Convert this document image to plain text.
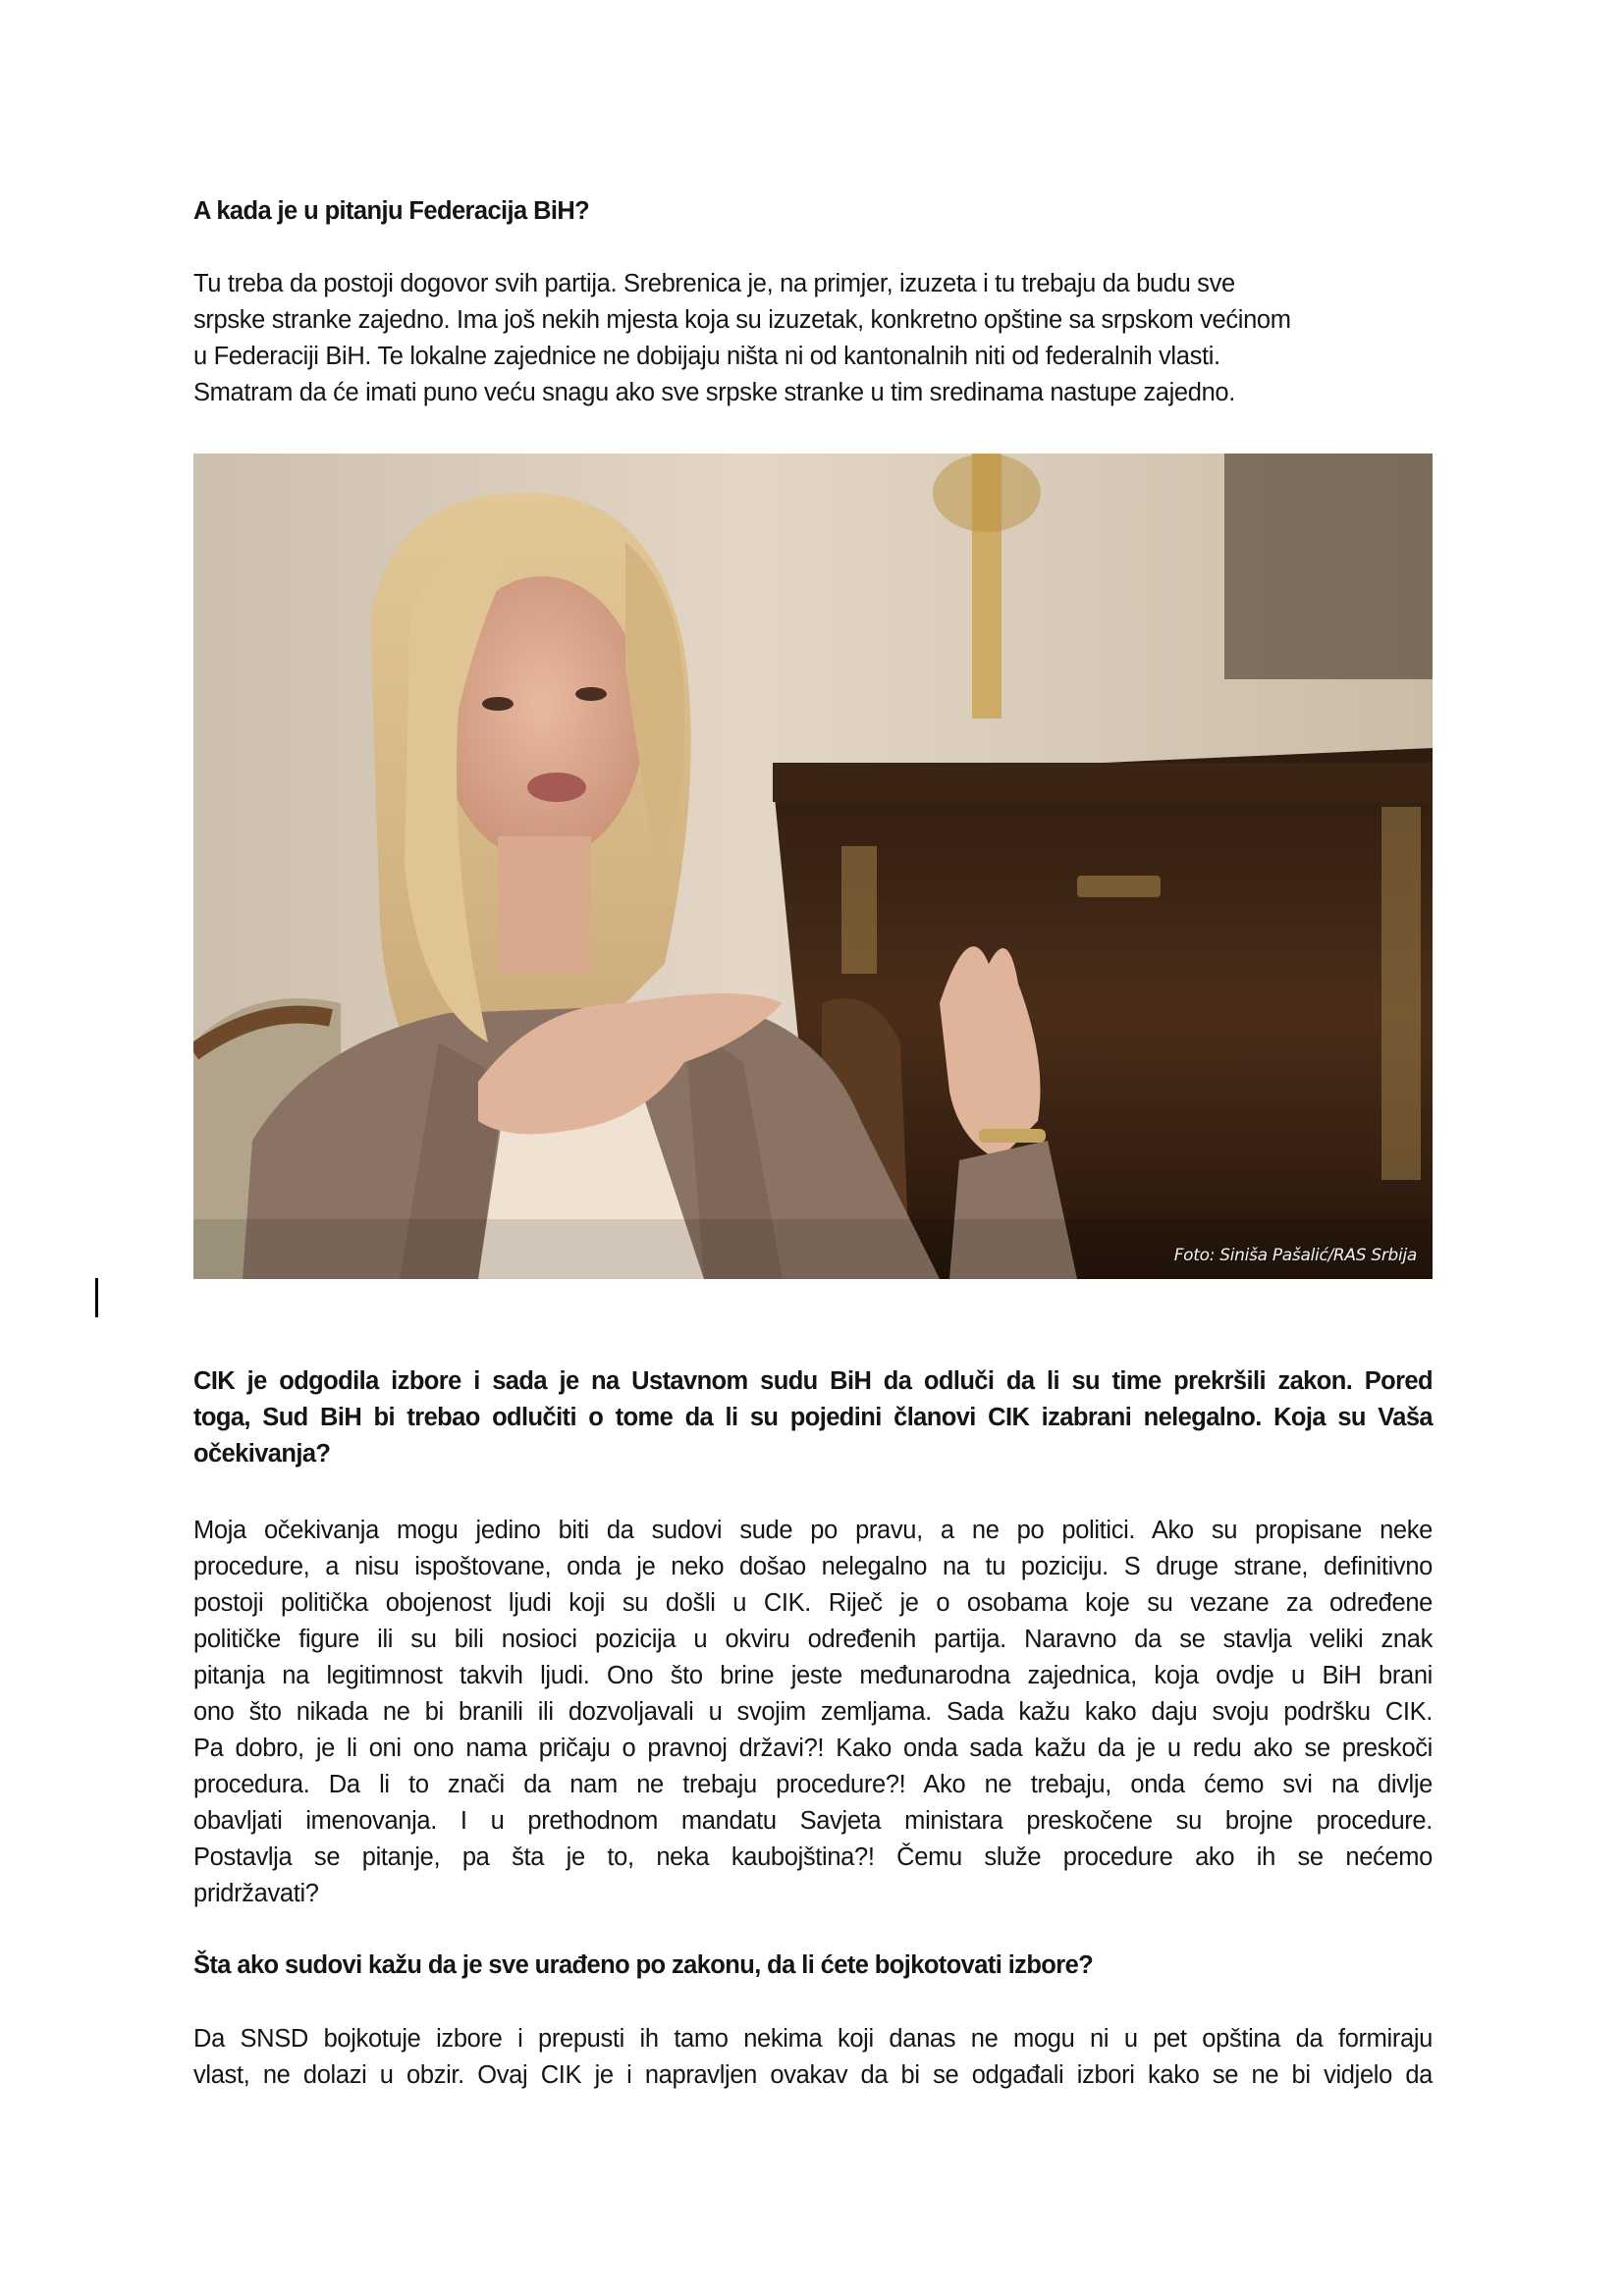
A kada je u pitanju Federacija BiH?
Tu treba da postoji dogovor svih partija. Srebrenica je, na primjer, izuzeta i tu trebaju da budu sve
srpske stranke zajedno. Ima još nekih mjesta koja su izuzetak, konkretno opštine sa srpskom većinom
u Federaciji BiH. Te lokalne zajednice ne dobijaju ništa ni od kantonalnih niti od federalnih vlasti.
Smatram da će imati puno veću snagu ako sve srpske stranke u tim sredinama nastupe zajedno.
Foto: Siniša Pašalić/RAS Srbija
CIK je odgodila izbore i sada je na Ustavnom sudu BiH da odluči da li su time prekršili zakon. Pored
toga, Sud BiH bi trebao odlučiti o tome da li su pojedini članovi CIK izabrani nelegalno. Koja su Vaša
očekivanja?
Moja očekivanja mogu jedino biti da sudovi sude po pravu, a ne po politici. Ako su propisane neke
procedure, a nisu ispoštovane, onda je neko došao nelegalno na tu poziciju. S druge strane, definitivno
postoji politička obojenost ljudi koji su došli u CIK. Riječ je o osobama koje su vezane za određene
političke figure ili su bili nosioci pozicija u okviru određenih partija. Naravno da se stavlja veliki znak
pitanja na legitimnost takvih ljudi. Ono što brine jeste međunarodna zajednica, koja ovdje u BiH brani
ono što nikada ne bi branili ili dozvoljavali u svojim zemljama. Sada kažu kako daju svoju podršku CIK.
Pa dobro, je li oni ono nama pričaju o pravnoj državi?! Kako onda sada kažu da je u redu ako se preskoči
procedura. Da li to znači da nam ne trebaju procedure?! Ako ne trebaju, onda ćemo svi na divlje
obavljati imenovanja. I u prethodnom mandatu Savjeta ministara preskočene su brojne procedure.
Postavlja se pitanje, pa šta je to, neka kaubojština?! Čemu služe procedure ako ih se nećemo
pridržavati?
Šta ako sudovi kažu da je sve urađeno po zakonu, da li ćete bojkotovati izbore?
Da SNSD bojkotuje izbore i prepusti ih tamo nekima koji danas ne mogu ni u pet opština da formiraju
vlast, ne dolazi u obzir. Ovaj CIK je i napravljen ovakav da bi se odgađali izbori kako se ne bi vidjelo da
